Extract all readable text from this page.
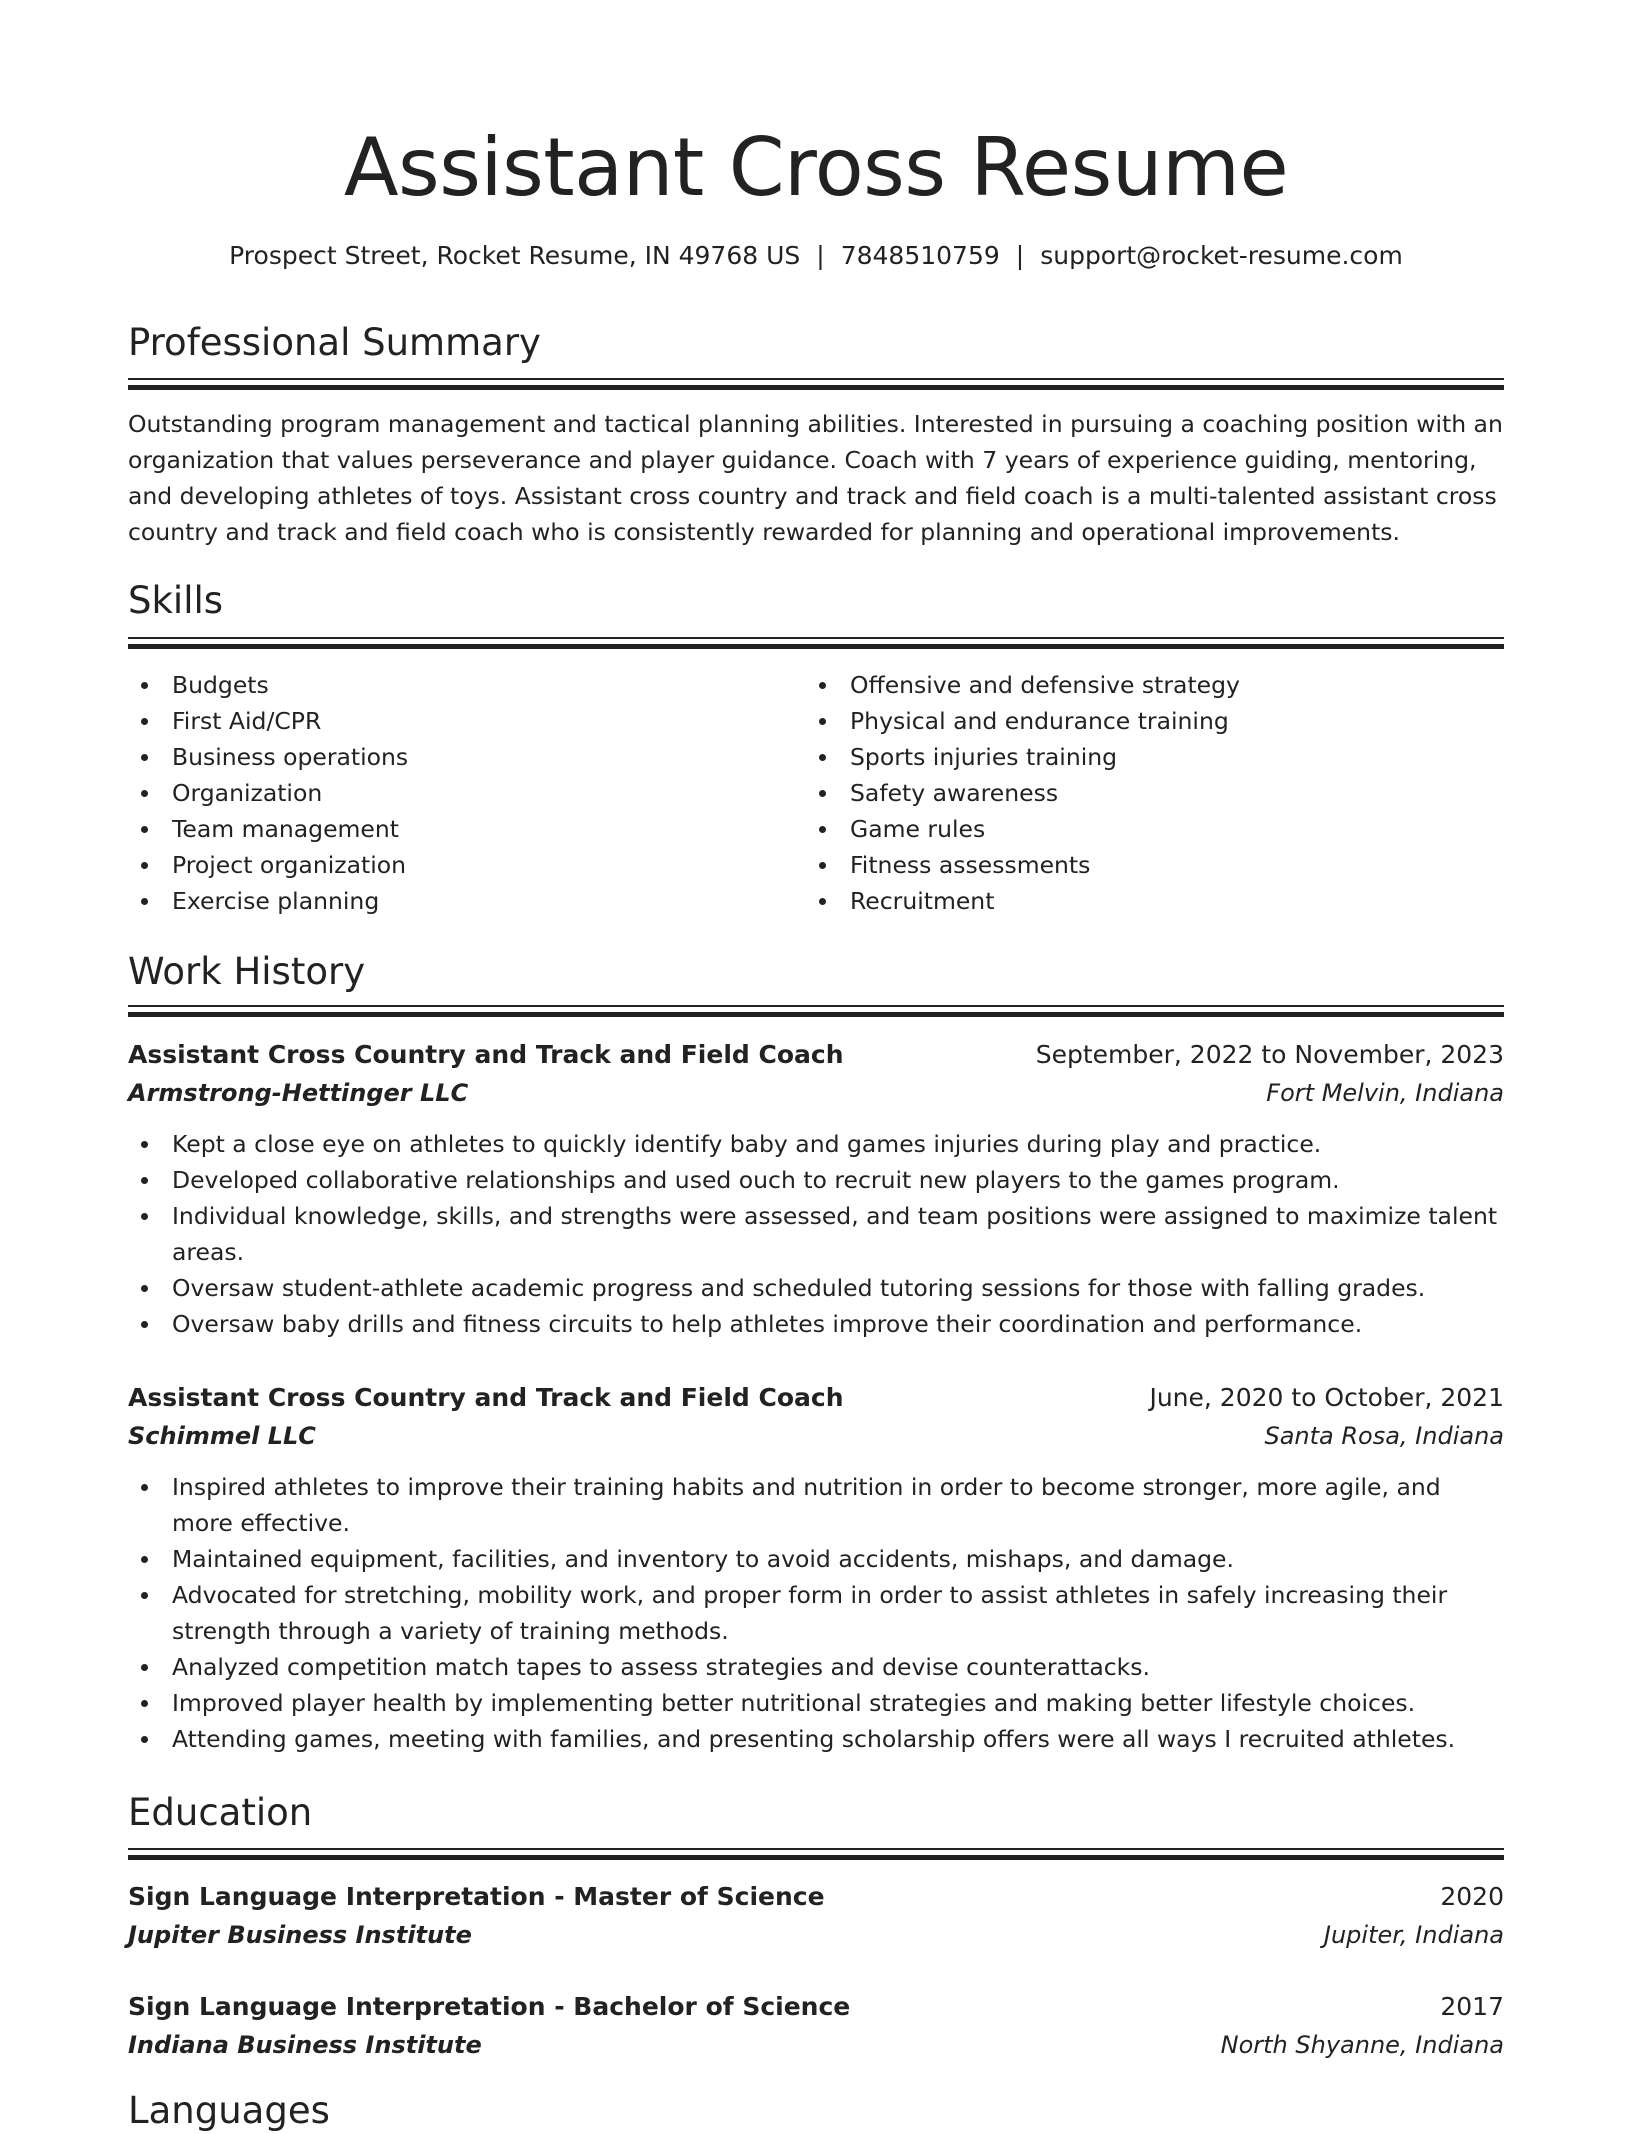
Assistant Cross Resume
Prospect Street, Rocket Resume, IN 49768 US | 7848510759 | support@rocket-resume.com
Professional Summary
Outstanding program management and tactical planning abilities. Interested in pursuing a coaching position with an organization that values perseverance and player guidance. Coach with 7 years of experience guiding, mentoring, and developing athletes of toys. Assistant cross country and track and field coach is a multi-talented assistant cross country and track and field coach who is consistently rewarded for planning and operational improvements.
Skills
Budgets
First Aid/CPR
Business operations
Organization
Team management
Project organization
Exercise planning
Offensive and defensive strategy
Physical and endurance training
Sports injuries training
Safety awareness
Game rules
Fitness assessments
Recruitment
Work History
Assistant Cross Country and Track and Field Coach	September, 2022 to November, 2023
Armstrong-Hettinger LLC	Fort Melvin, Indiana
Kept a close eye on athletes to quickly identify baby and games injuries during play and practice.
Developed collaborative relationships and used ouch to recruit new players to the games program.
Individual knowledge, skills, and strengths were assessed, and team positions were assigned to maximize talent areas.
Oversaw student-athlete academic progress and scheduled tutoring sessions for those with falling grades.
Oversaw baby drills and fitness circuits to help athletes improve their coordination and performance.
Assistant Cross Country and Track and Field Coach	June, 2020 to October, 2021
Schimmel LLC	Santa Rosa, Indiana
Inspired athletes to improve their training habits and nutrition in order to become stronger, more agile, and more effective.
Maintained equipment, facilities, and inventory to avoid accidents, mishaps, and damage.
Advocated for stretching, mobility work, and proper form in order to assist athletes in safely increasing their strength through a variety of training methods.
Analyzed competition match tapes to assess strategies and devise counterattacks.
Improved player health by implementing better nutritional strategies and making better lifestyle choices.
Attending games, meeting with families, and presenting scholarship offers were all ways I recruited athletes.
Education
Sign Language Interpretation - Master of Science	2020
Jupiter Business Institute	Jupiter, Indiana
Sign Language Interpretation - Bachelor of Science	2017
Indiana Business Institute	North Shyanne, Indiana
Languages
